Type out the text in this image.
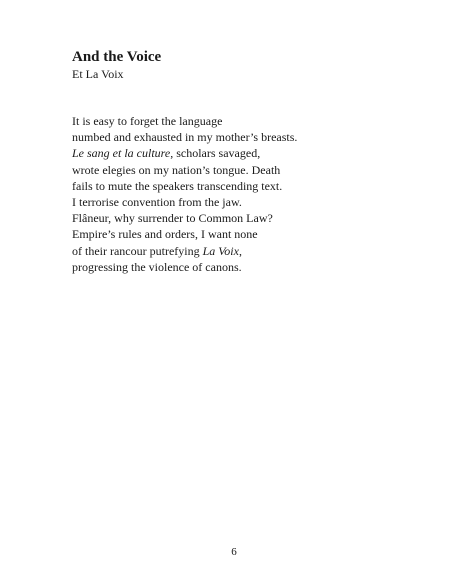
And the Voice
Et La Voix
It is easy to forget the language
numbed and exhausted in my mother’s breasts.
Le sang et la culture, scholars savaged,
wrote elegies on my nation’s tongue. Death
fails to mute the speakers transcending text.
I terrorise convention from the jaw.
Flâneur, why surrender to Common Law?
Empire’s rules and orders, I want none
of their rancour putrefying La Voix,
progressing the violence of canons.
6
